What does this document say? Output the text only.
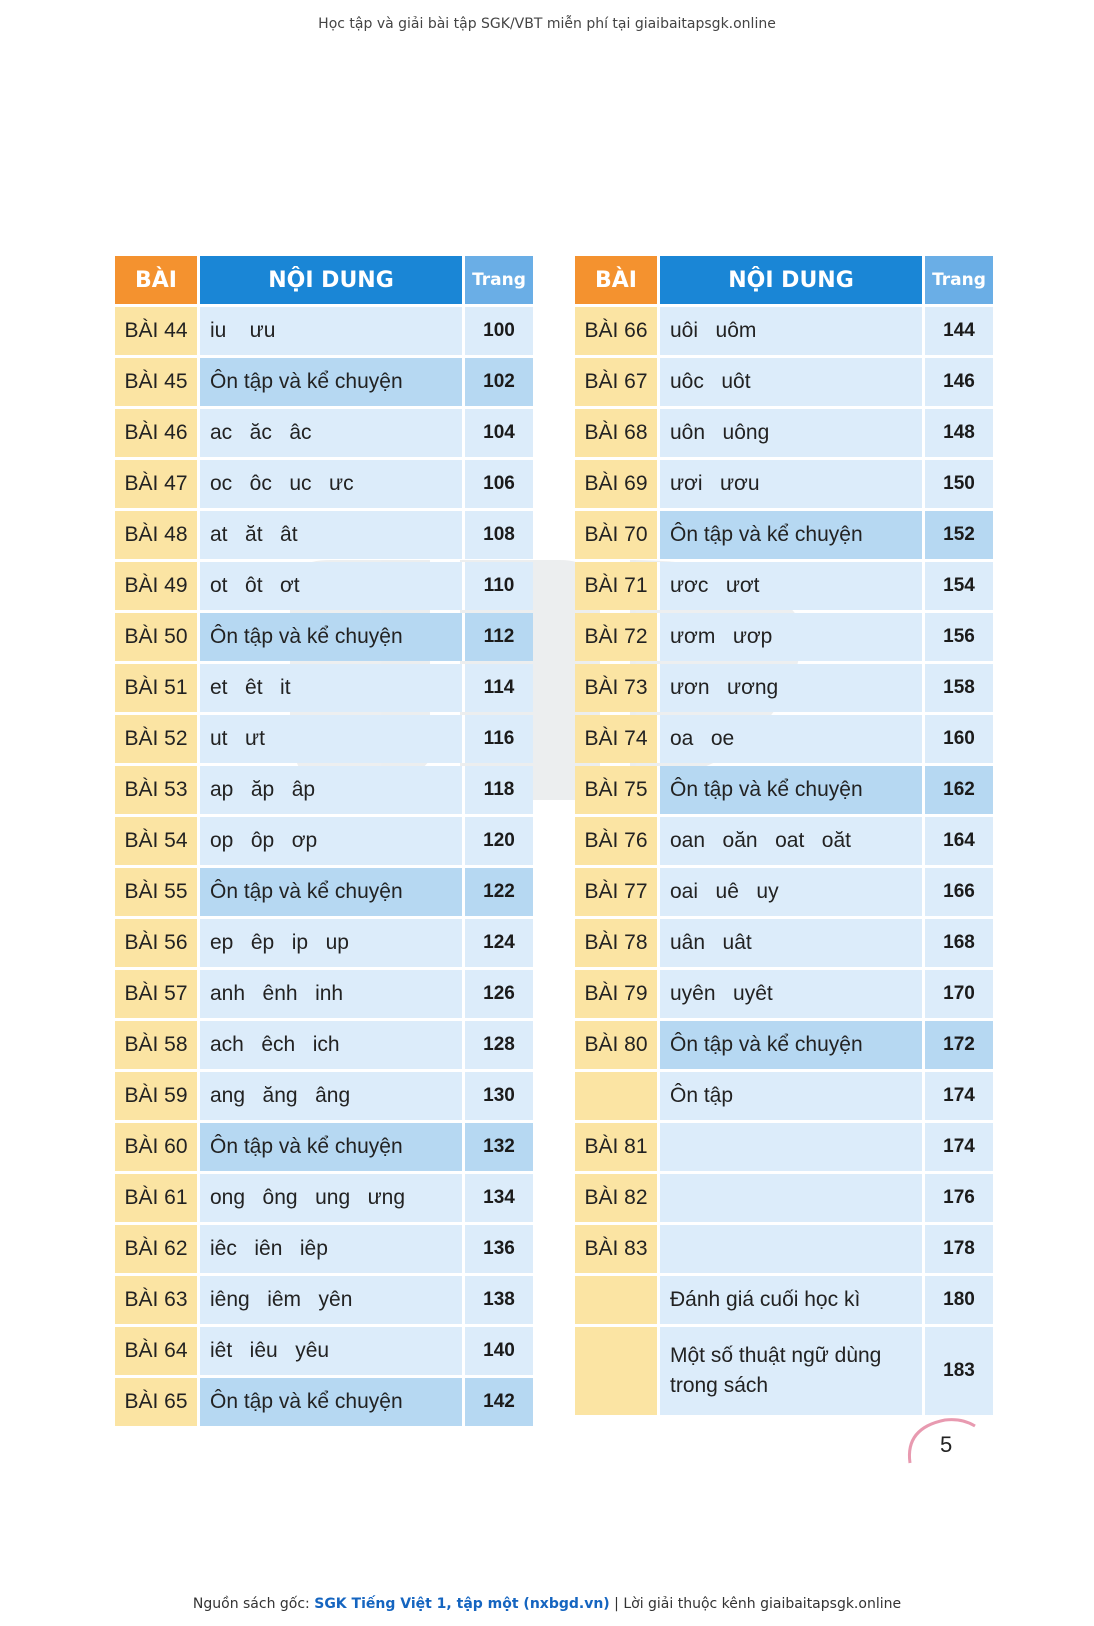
Học tập và giải bài tập SGK/VBT miễn phí tại giaibaitapsgk.online
BÀI	NỘI DUNG	Trang
BÀI 44	iu    ưu	100
BÀI 45	Ôn tập và kể chuyện	102
BÀI 46	ac   ăc   âc	104
BÀI 47	oc   ôc   uc   ưc	106
BÀI 48	at   ăt   ât	108
BÀI 49	ot   ôt   ơt	110
BÀI 50	Ôn tập và kể chuyện	112
BÀI 51	et   êt   it	114
BÀI 52	ut   ưt	116
BÀI 53	ap   ăp   âp	118
BÀI 54	op   ôp   ơp	120
BÀI 55	Ôn tập và kể chuyện	122
BÀI 56	ep   êp   ip   up	124
BÀI 57	anh   ênh   inh	126
BÀI 58	ach   êch   ich	128
BÀI 59	ang   ăng   âng	130
BÀI 60	Ôn tập và kể chuyện	132
BÀI 61	ong   ông   ung   ưng	134
BÀI 62	iêc   iên   iêp	136
BÀI 63	iêng   iêm   yên	138
BÀI 64	iêt   iêu   yêu	140
BÀI 65	Ôn tập và kể chuyện	142
BÀI	NỘI DUNG	Trang
BÀI 66	uôi   uôm	144
BÀI 67	uôc   uôt	146
BÀI 68	uôn   uông	148
BÀI 69	ươi   ươu	150
BÀI 70	Ôn tập và kể chuyện	152
BÀI 71	ươc   ươt	154
BÀI 72	ươm   ươp	156
BÀI 73	ươn   ương	158
BÀI 74	oa   oe	160
BÀI 75	Ôn tập và kể chuyện	162
BÀI 76	oan   oăn   oat   oăt	164
BÀI 77	oai   uê   uy	166
BÀI 78	uân   uât	168
BÀI 79	uyên   uyêt	170
BÀI 80	Ôn tập và kể chuyện	172
	Ôn tập	174
BÀI 81		174
BÀI 82		176
BÀI 83		178
	Đánh giá cuối học kì	180
	Một số thuật ngữ dùng trong sách	183
5
Nguồn sách gốc: SGK Tiếng Việt 1, tập một (nxbgd.vn) | Lời giải thuộc kênh giaibaitapsgk.online
